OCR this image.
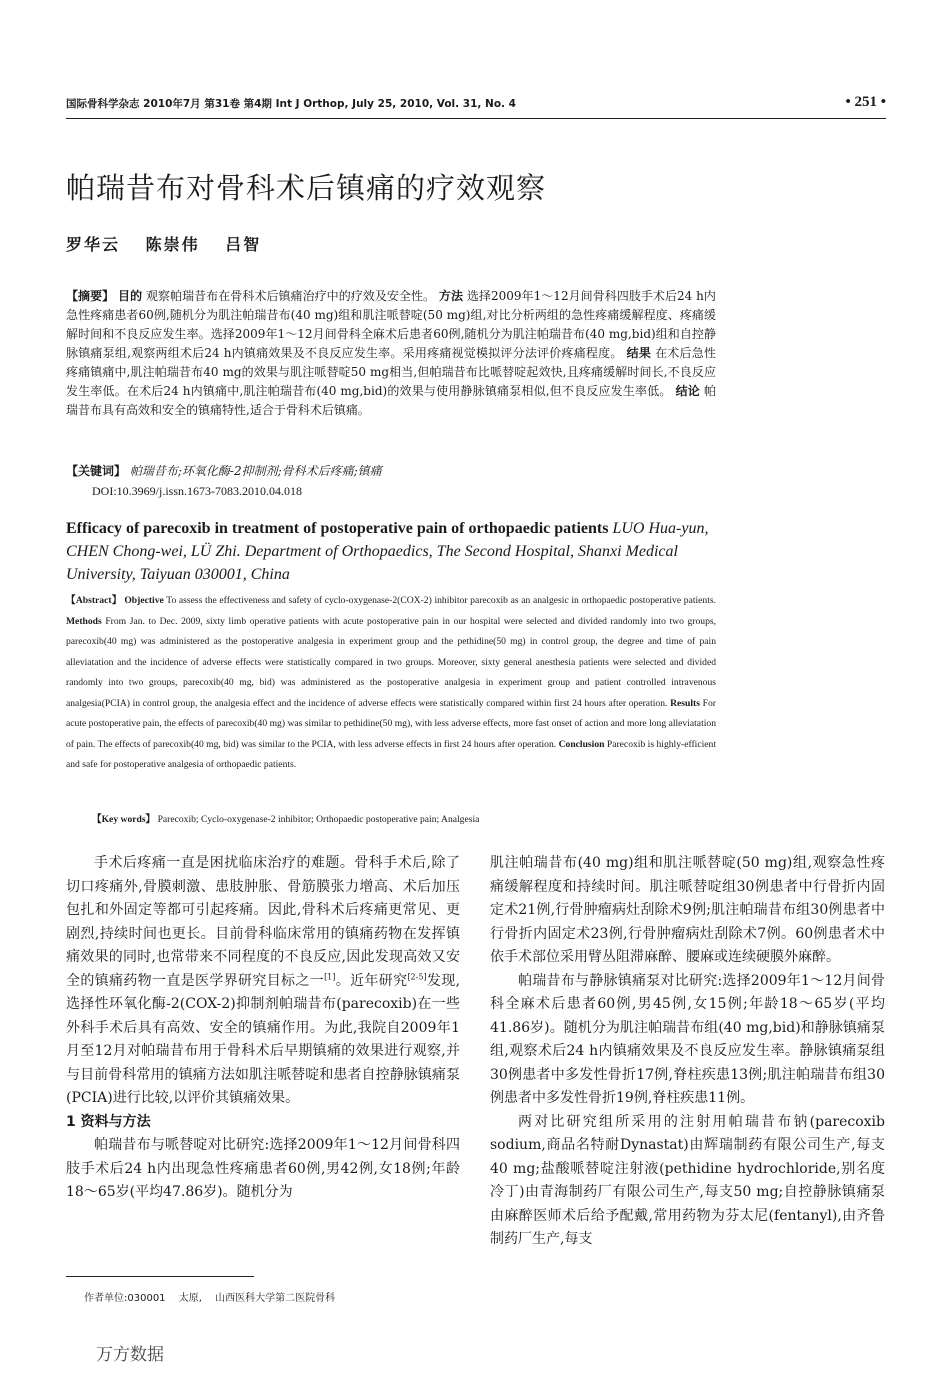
国际骨科学杂志 2010年7月 第31卷 第4期 Int J Orthop, July 25, 2010, Vol. 31, No. 4	• 251 •
帕瑞昔布对骨科术后镇痛的疗效观察
罗华云 陈崇伟 吕智
【摘要】 目的 观察帕瑞昔布在骨科术后镇痛治疗中的疗效及安全性。 方法 选择2009年1～12月间骨科四肢手术后24 h内急性疼痛患者60例,随机分为肌注帕瑞昔布(40 mg)组和肌注哌替啶(50 mg)组,对比分析两组的急性疼痛缓解程度、疼痛缓解时间和不良反应发生率。选择2009年1～12月间骨科全麻术后患者60例,随机分为肌注帕瑞昔布(40 mg,bid)组和自控静脉镇痛泵组,观察两组术后24 h内镇痛效果及不良反应发生率。采用疼痛视觉模拟评分法评价疼痛程度。 结果 在术后急性疼痛镇痛中,肌注帕瑞昔布40 mg的效果与肌注哌替啶50 mg相当,但帕瑞昔布比哌替啶起效快,且疼痛缓解时间长,不良反应发生率低。在术后24 h内镇痛中,肌注帕瑞昔布(40 mg,bid)的效果与使用静脉镇痛泵相似,但不良反应发生率低。 结论 帕瑞昔布具有高效和安全的镇痛特性,适合于骨科术后镇痛。
【关键词】 帕瑞昔布;环氧化酶-2抑制剂;骨科术后疼痛;镇痛
DOI:10.3969/j.issn.1673-7083.2010.04.018
Efficacy of parecoxib in treatment of postoperative pain of orthopaedic patients LUO Hua-yun, CHEN Chong-wei, LÜ Zhi. Department of Orthopaedics, The Second Hospital, Shanxi Medical University, Taiyuan 030001, China
【Abstract】 Objective To assess the effectiveness and safety of cyclo-oxygenase-2(COX-2) inhibitor parecoxib as an analgesic in orthopaedic postoperative patients. Methods From Jan. to Dec. 2009, sixty limb operative patients with acute postoperative pain in our hospital were selected and divided randomly into two groups, parecoxib(40 mg) was administered as the postoperative analgesia in experiment group and the pethidine(50 mg) in control group, the degree and time of pain alleviatation and the incidence of adverse effects were statistically compared in two groups. Moreover, sixty general anesthesia patients were selected and divided randomly into two groups, parecoxib(40 mg, bid) was administered as the postoperative analgesia in experiment group and patient controlled intravenous analgesia(PCIA) in control group, the analgesia effect and the incidence of adverse effects were statistically compared within first 24 hours after operation. Results For acute postoperative pain, the effects of parecoxib(40 mg) was similar to pethidine(50 mg), with less adverse effects, more fast onset of action and more long alleviatation of pain. The effects of parecoxib(40 mg, bid) was similar to the PCIA, with less adverse effects in first 24 hours after operation. Conclusion Parecoxib is highly-efficient and safe for postoperative analgesia of orthopaedic patients.
【Key words】 Parecoxib; Cyclo-oxygenase-2 inhibitor; Orthopaedic postoperative pain; Analgesia

手术后疼痛一直是困扰临床治疗的难题。骨科手术后,除了切口疼痛外,骨膜刺激、患肢肿胀、骨筋膜张力增高、术后加压包扎和外固定等都可引起疼痛。因此,骨科术后疼痛更常见、更剧烈,持续时间也更长。目前骨科临床常用的镇痛药物在发挥镇痛效果的同时,也常带来不同程度的不良反应,因此发现高效又安全的镇痛药物一直是医学界研究目标之一[1]。近年研究[2-5]发现,选择性环氧化酶-2(COX-2)抑制剂帕瑞昔布(parecoxib)在一些外科手术后具有高效、安全的镇痛作用。为此,我院自2009年1月至12月对帕瑞昔布用于骨科术后早期镇痛的效果进行观察,并与目前骨科常用的镇痛方法如肌注哌替啶和患者自控静脉镇痛泵(PCIA)进行比较,以评价其镇痛效果。

1 资料与方法

帕瑞昔布与哌替啶对比研究:选择2009年1～12月间骨科四肢手术后24 h内出现急性疼痛患者60例,男42例,女18例;年龄18～65岁(平均47.86岁)。随机分为

肌注帕瑞昔布(40 mg)组和肌注哌替啶(50 mg)组,观察急性疼痛缓解程度和持续时间。肌注哌替啶组30例患者中行骨折内固定术21例,行骨肿瘤病灶刮除术9例;肌注帕瑞昔布组30例患者中行骨折内固定术23例,行骨肿瘤病灶刮除术7例。60例患者术中依手术部位采用臂丛阻滞麻醉、腰麻或连续硬膜外麻醉。

帕瑞昔布与静脉镇痛泵对比研究:选择2009年1～12月间骨科全麻术后患者60例,男45例,女15例;年龄18～65岁(平均41.86岁)。随机分为肌注帕瑞昔布组(40 mg,bid)和静脉镇痛泵组,观察术后24 h内镇痛效果及不良反应发生率。静脉镇痛泵组30例患者中多发性骨折17例,脊柱疾患13例;肌注帕瑞昔布组30例患者中多发性骨折19例,脊柱疾患11例。

两对比研究组所采用的注射用帕瑞昔布钠(parecoxib sodium,商品名特耐Dynastat)由辉瑞制药有限公司生产,每支40 mg;盐酸哌替啶注射液(pethidine hydrochloride,别名度冷丁)由青海制药厂有限公司生产,每支50 mg;自控静脉镇痛泵由麻醉医师术后给予配戴,常用药物为芬太尼(fentanyl),由齐鲁制药厂生产,每支

作者单位:030001 太原, 山西医科大学第二医院骨科
万方数据
